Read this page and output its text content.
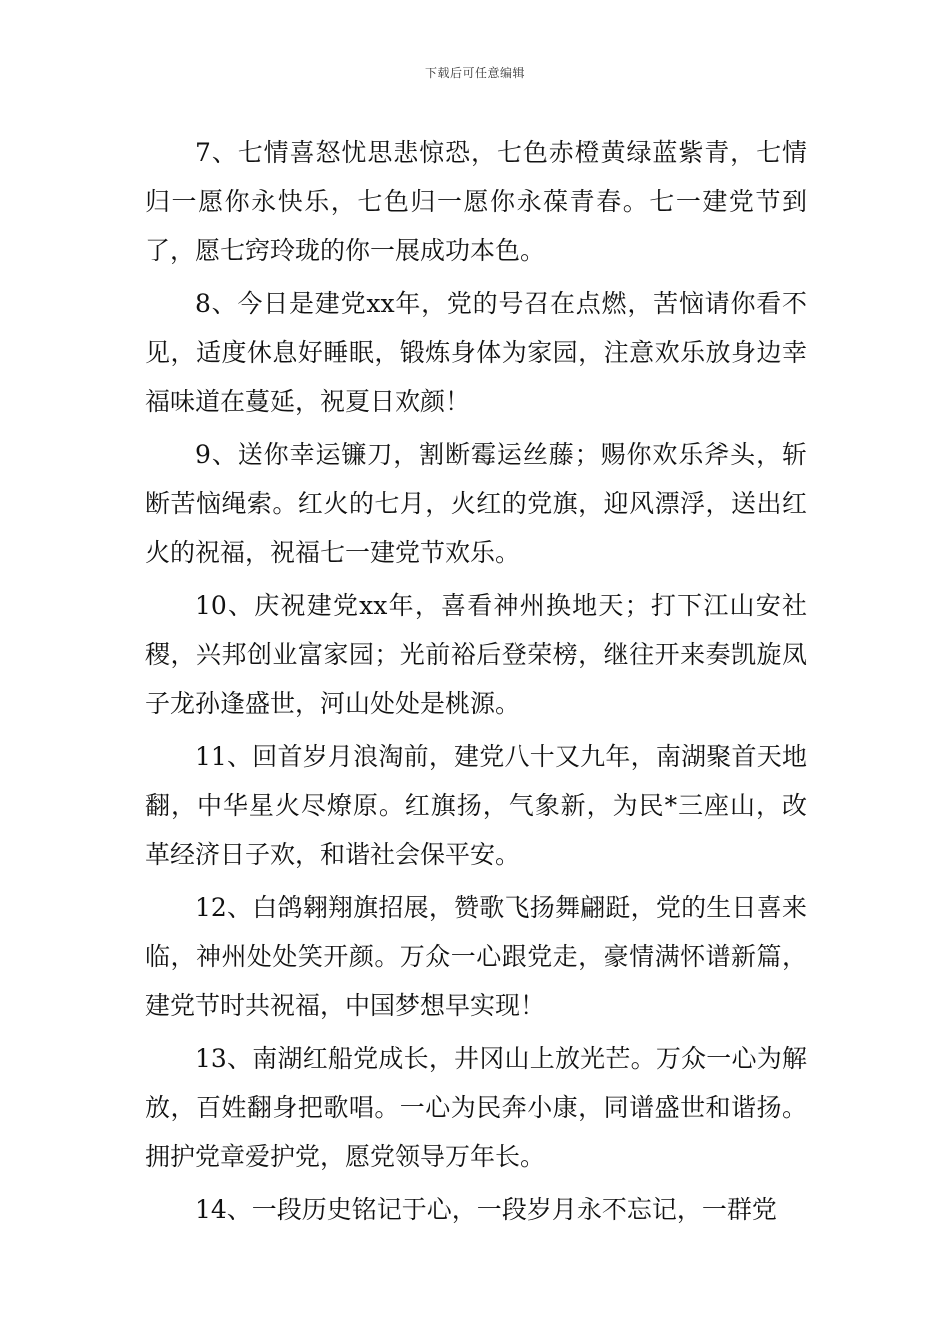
下载后可任意编辑

7、七情喜怒忧思悲惊恐，七色赤橙黄绿蓝紫青，七情归一愿你永快乐，七色归一愿你永葆青春。七一建党节到了，愿七窍玲珑的你一展成功本色。

8、今日是建党xx年，党的号召在点燃，苦恼请你看不见，适度休息好睡眠，锻炼身体为家园，注意欢乐放身边幸福味道在蔓延，祝夏日欢颜！

9、送你幸运镰刀，割断霉运丝藤；赐你欢乐斧头，斩断苦恼绳索。红火的七月，火红的党旗，迎风漂浮，送出红火的祝福，祝福七一建党节欢乐。

10、庆祝建党xx年，喜看神州换地天；打下江山安社稷，兴邦创业富家园；光前裕后登荣榜，继往开来奏凯旋凤子龙孙逢盛世，河山处处是桃源。

11、回首岁月浪淘前，建党八十又九年，南湖聚首天地翻，中华星火尽燎原。红旗扬，气象新，为民*三座山，改革经济日子欢，和谐社会保平安。

12、白鸽翱翔旗招展，赞歌飞扬舞翩跹，党的生日喜来临，神州处处笑开颜。万众一心跟党走，豪情满怀谱新篇，建党节时共祝福，中国梦想早实现！

13、南湖红船党成长，井冈山上放光芒。万众一心为解放，百姓翻身把歌唱。一心为民奔小康，同谱盛世和谐扬。拥护党章爱护党，愿党领导万年长。

14、一段历史铭记于心，一段岁月永不忘记，一群党
